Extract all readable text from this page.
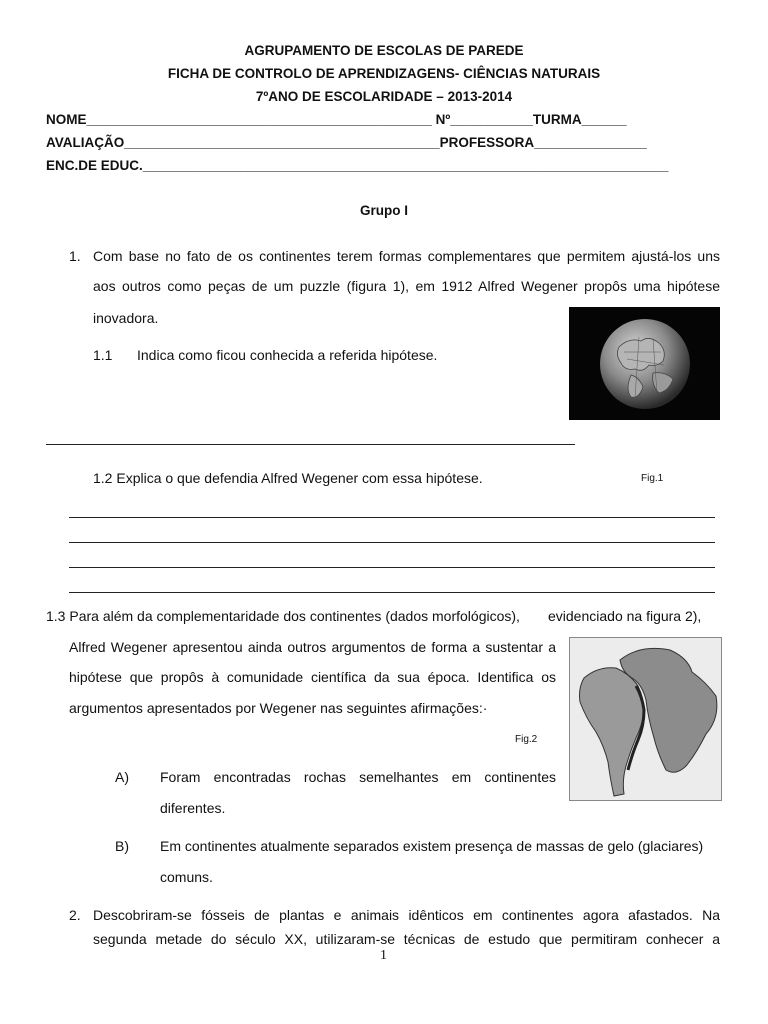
AGRUPAMENTO DE ESCOLAS DE PAREDE
FICHA DE CONTROLO DE APRENDIZAGENS- CIÊNCIAS NATURAIS
7ºANO DE ESCOLARIDADE – 2013-2014
NOME______________________________________________ Nº___________TURMA______
AVALIAÇÃO__________________________________________PROFESSORA_______________
ENC.DE EDUC.______________________________________________________________________
Grupo I
1. Com base no fato de os continentes terem formas complementares que permitem ajustá-los uns
aos outros como peças de um puzzle (figura 1), em 1912 Alfred Wegener propôs uma hipótese
inovadora.
1.1 Indica como ficou conhecida a referida hipótese.
1.2 Explica o que defendia Alfred Wegener com essa hipótese.	Fig.1
1.3 Para além da complementaridade dos continentes (dados morfológicos), evidenciado na figura 2),
Alfred Wegener apresentou ainda outros argumentos de forma a sustentar a
hipótese que propôs à comunidade científica da sua época. Identifica os
argumentos apresentados por Wegener nas seguintes afirmações:·
Fig.2
A) Foram encontradas rochas semelhantes em continentes
diferentes.
B) Em continentes atualmente separados existem presença de massas de gelo (glaciares)
comuns.
2. Descobriram-se fósseis de plantas e animais idênticos em continentes agora afastados. Na
segunda metade do século XX, utilizaram-se técnicas de estudo que permitiram conhecer a
1
